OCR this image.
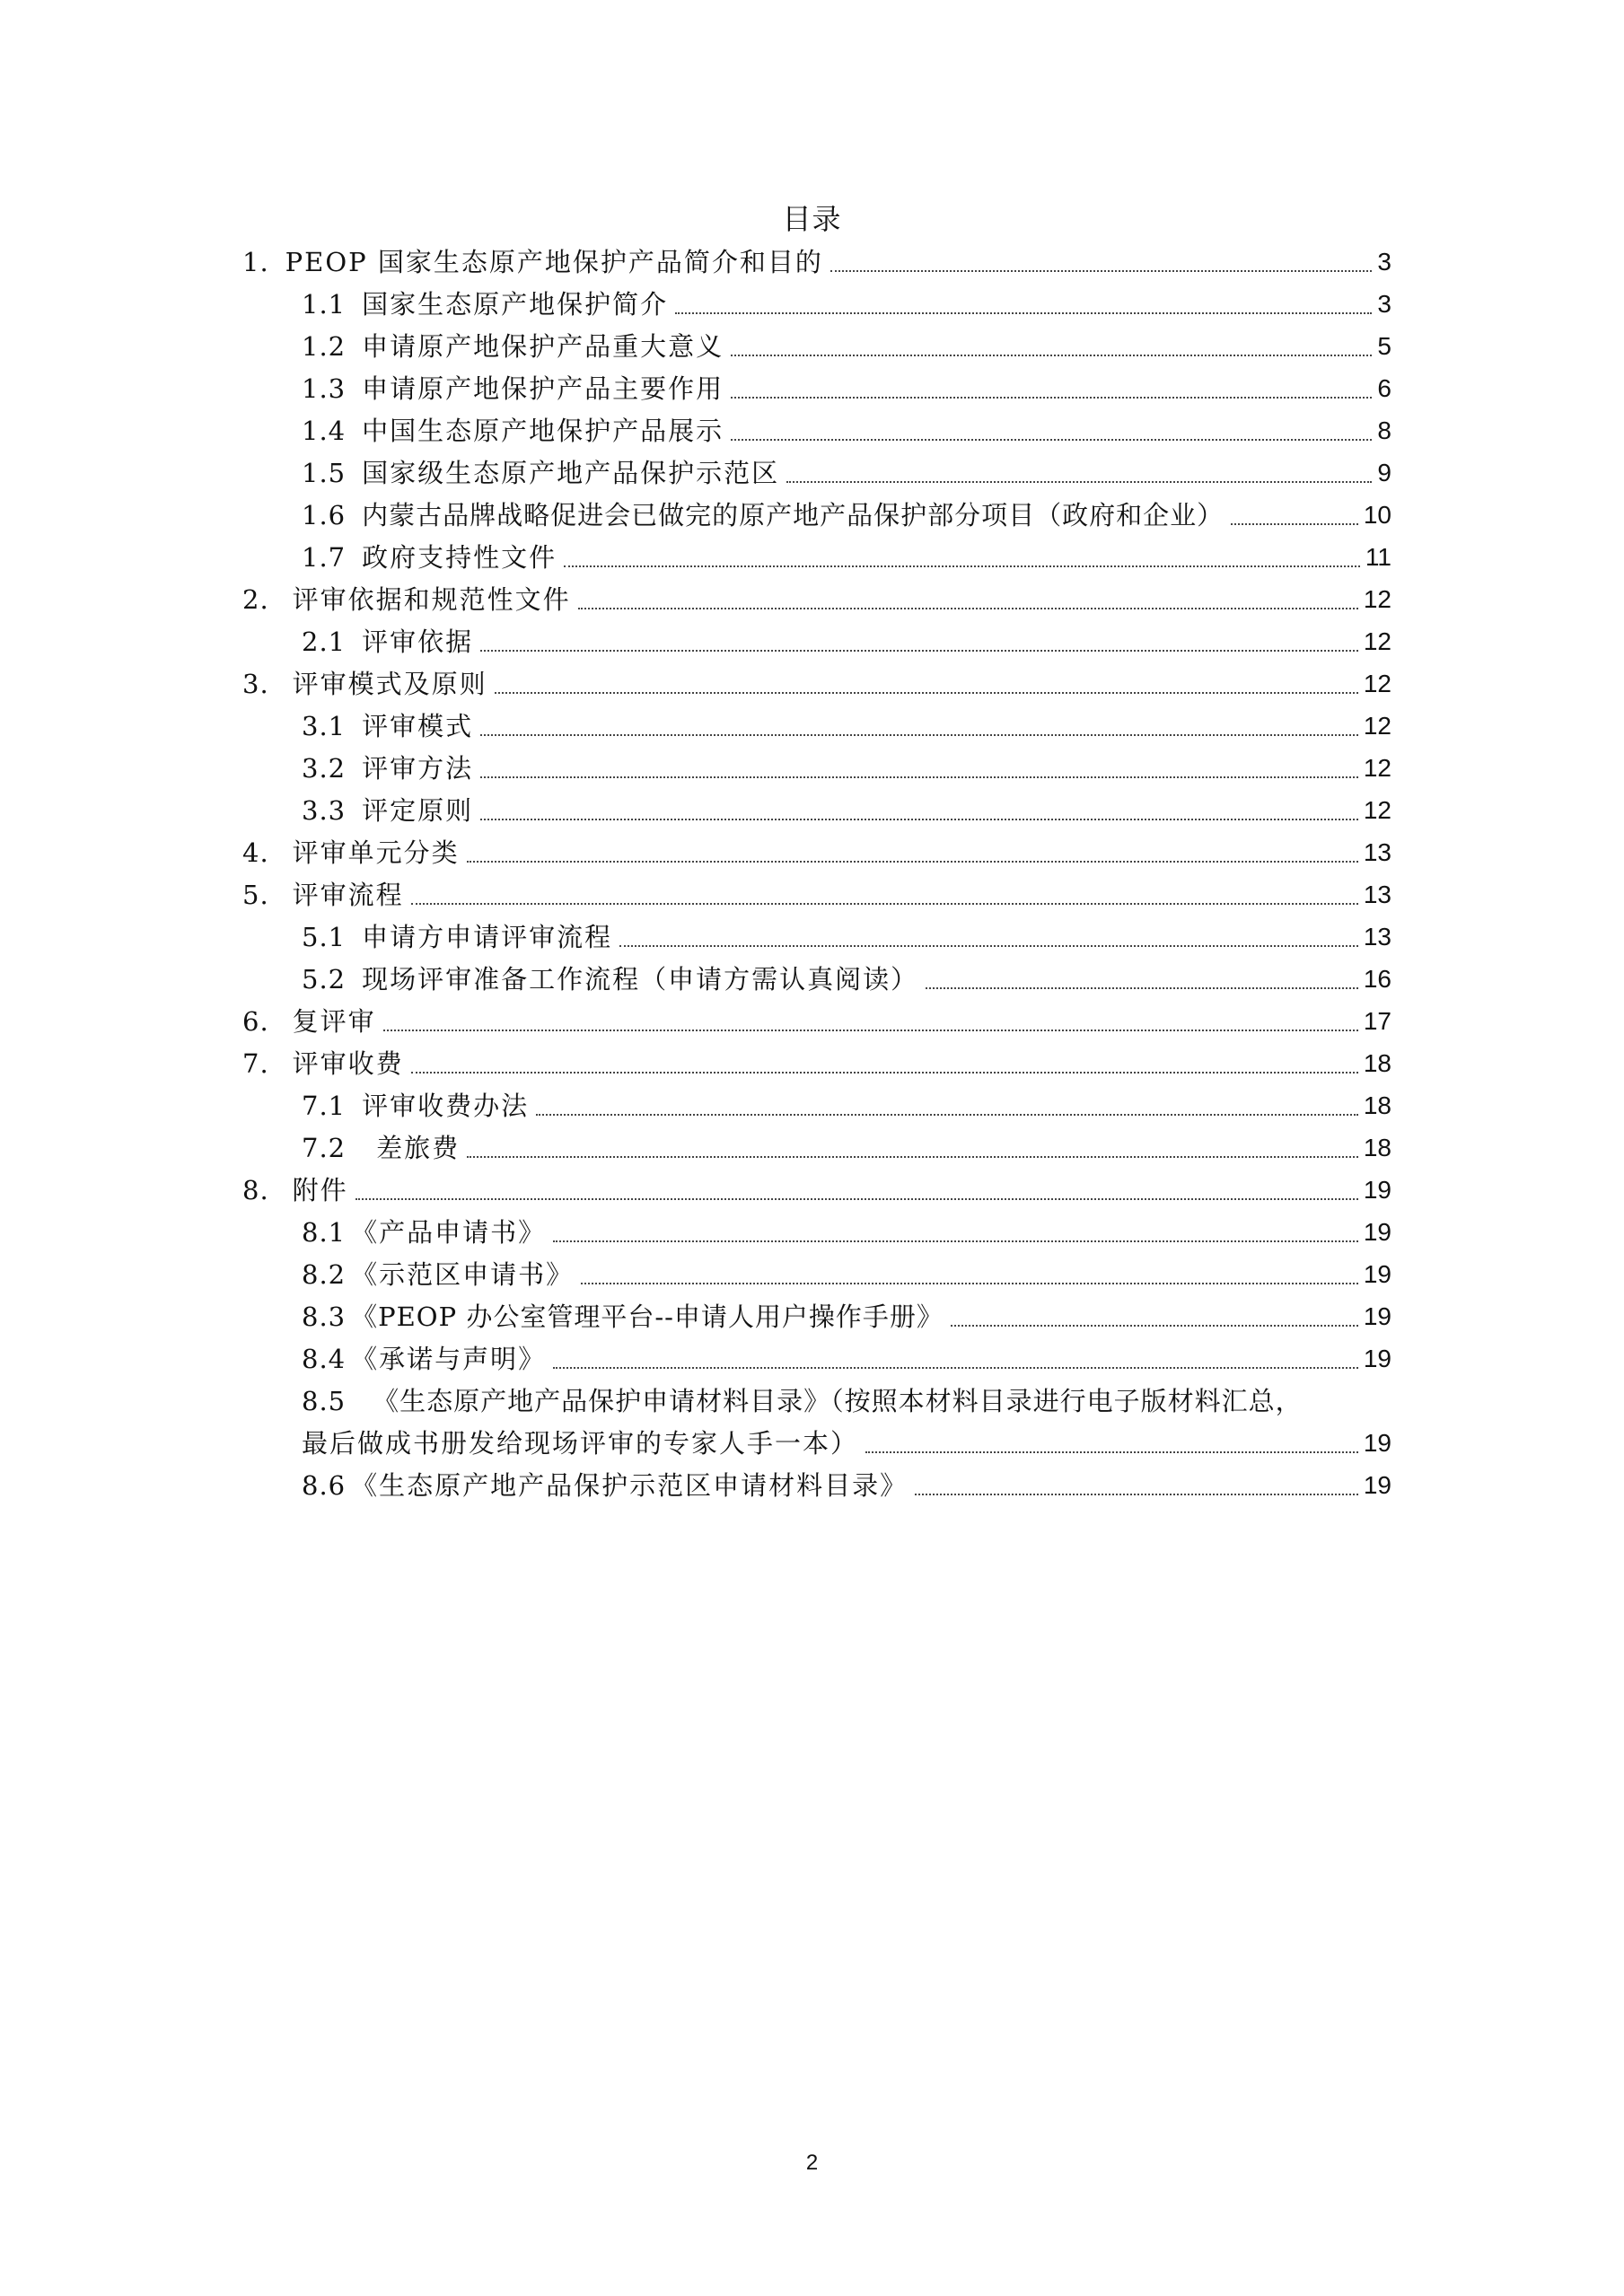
目录
1. PEOP 国家生态原产地保护产品简介和目的	3
1.1 国家生态原产地保护简介	3
1.2 申请原产地保护产品重大意义	5
1.3 申请原产地保护产品主要作用	6
1.4 中国生态原产地保护产品展示	8
1.5 国家级生态原产地产品保护示范区	9
1.6 内蒙古品牌战略促进会已做完的原产地产品保护部分项目（政府和企业）	10
1.7 政府支持性文件	11
2. 评审依据和规范性文件	12
2.1 评审依据	12
3. 评审模式及原则	12
3.1 评审模式	12
3.2 评审方法	12
3.3 评定原则	12
4. 评审单元分类	13
5. 评审流程	13
5.1 申请方申请评审流程	13
5.2 现场评审准备工作流程（申请方需认真阅读）	16
6. 复评审	17
7. 评审收费	18
7.1 评审收费办法	18
7.2 差旅费	18
8. 附件	19
8.1 《产品申请书》	19
8.2 《示范区申请书》	19
8.3 《PEOP 办公室管理平台--申请人用户操作手册》	19
8.4 《承诺与声明》	19
8.5 《生态原产地产品保护申请材料目录》（按照本材料目录进行电子版材料汇总，
最后做成书册发给现场评审的专家人手一本）	19
8.6 《生态原产地产品保护示范区申请材料目录》	19
2
